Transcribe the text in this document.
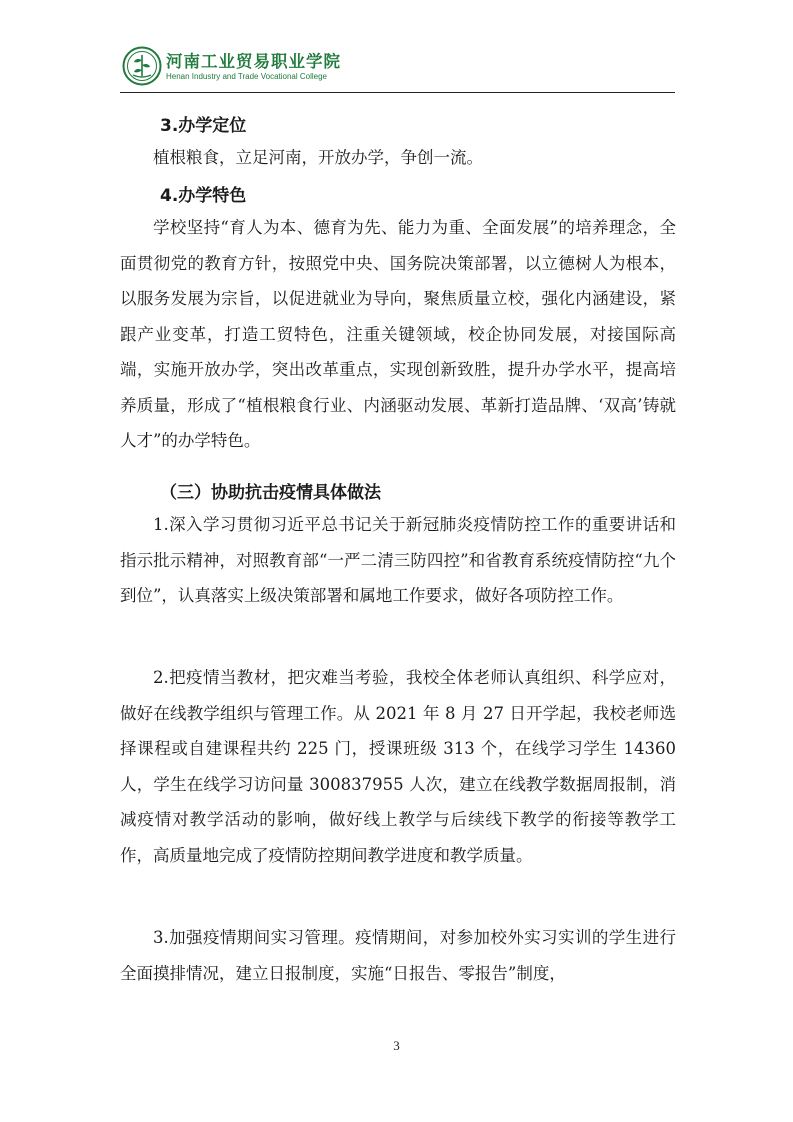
河南工业贸易职业学院
Henan Industry and Trade Vocational College

3.办学定位

植根粮食，立足河南，开放办学，争创一流。

4.办学特色

学校坚持“育人为本、德育为先、能力为重、全面发展”的培养理念，全面贯彻党的教育方针，按照党中央、国务院决策部署，以立德树人为根本，以服务发展为宗旨，以促进就业为导向，聚焦质量立校，强化内涵建设，紧跟产业变革，打造工贸特色，注重关键领域，校企协同发展，对接国际高端，实施开放办学，突出改革重点，实现创新致胜，提升办学水平，提高培养质量，形成了“植根粮食行业、内涵驱动发展、革新打造品牌、‘双高’铸就人才”的办学特色。

（三）协助抗击疫情具体做法

1.深入学习贯彻习近平总书记关于新冠肺炎疫情防控工作的重要讲话和指示批示精神，对照教育部“一严二清三防四控”和省教育系统疫情防控“九个到位”，认真落实上级决策部署和属地工作要求，做好各项防控工作。

2.把疫情当教材，把灾难当考验，我校全体老师认真组织、科学应对，做好在线教学组织与管理工作。从 2021 年 8 月 27 日开学起，我校老师选择课程或自建课程共约 225 门，授课班级 313 个，在线学习学生 14360 人，学生在线学习访问量 300837955 人次，建立在线教学数据周报制，消减疫情对教学活动的影响，做好线上教学与后续线下教学的衔接等教学工作，高质量地完成了疫情防控期间教学进度和教学质量。

3.加强疫情期间实习管理。疫情期间，对参加校外实习实训的学生进行全面摸排情况，建立日报制度，实施“日报告、零报告”制度，

3
